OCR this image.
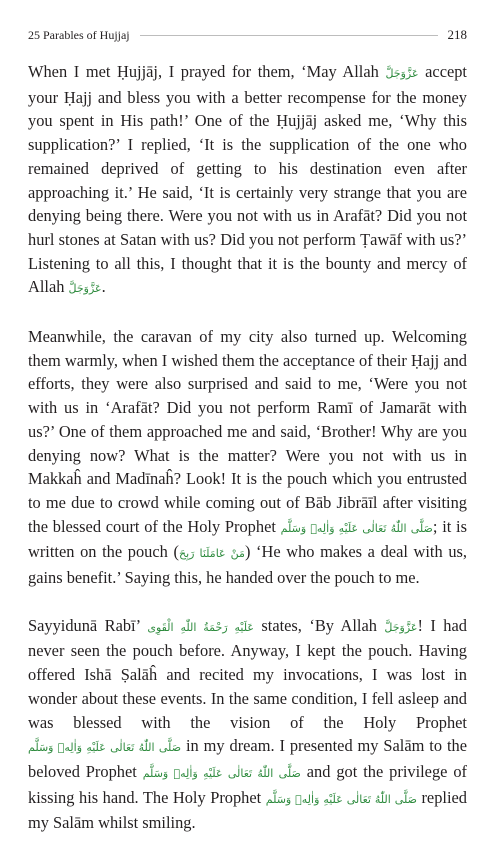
25 Parables of Hujjaj	218

When I met Ḥujjāj, I prayed for them, ‘May Allah عَزَّوَجَلَّ accept your Ḥajj and bless you with a better recompense for the money you spent in His path!’ One of the Ḥujjāj asked me, ‘Why this supplication?’ I replied, ‘It is the supplication of the one who remained deprived of getting to his destination even after approaching it.’ He said, ‘It is certainly very strange that you are denying being there. Were you not with us in Arafāt? Did you not hurl stones at Satan with us? Did you not perform Ṭawāf with us?’ Listening to all this, I thought that it is the bounty and mercy of Allah عَزَّوَجَلَّ.

Meanwhile, the caravan of my city also turned up. Welcoming them warmly, when I wished them the acceptance of their Ḥajj and efforts, they were also surprised and said to me, ‘Were you not with us in ‘Arafāt? Did you not perform Ramī of Jamarāt with us?’ One of them approached me and said, ‘Brother! Why are you denying now? What is the matter? Were you not with us in Makkaĥ and Madīnaĥ? Look! It is the pouch which you entrusted to me due to crowd while coming out of Bāb Jibrāīl after visiting the blessed court of the Holy Prophet صَلَّى اللّٰهُ تَعَالٰی عَلَيْهِ وَاٰلِهٖ وَسَلَّم; it is written on the pouch (مَنْ عَامَلَنَا رَبِحَ) ‘He who makes a deal with us, gains benefit.’ Saying this, he handed over the pouch to me.

Sayyidunā Rabī’ عَلَيْهِ رَحْمَةُ اللّٰهِ الْقَوِی states, ‘By Allah عَزَّوَجَلَّ! I had never seen the pouch before. Anyway, I kept the pouch. Having offered Ishā Ṣalāĥ and recited my invocations, I was lost in wonder about these events. In the same condition, I fell asleep and was blessed with the vision of the Holy Prophet صَلَّى اللّٰهُ تَعَالٰی عَلَيْهِ وَاٰلِهٖ وَسَلَّم in my dream. I presented my Salām to the beloved Prophet صَلَّى اللّٰهُ تَعَالٰی عَلَيْهِ وَاٰلِهٖ وَسَلَّم and got the privilege of kissing his hand. The Holy Prophet صَلَّى اللّٰهُ تَعَالٰی عَلَيْهِ وَاٰلِهٖ وَسَلَّم replied my Salām whilst smiling.
